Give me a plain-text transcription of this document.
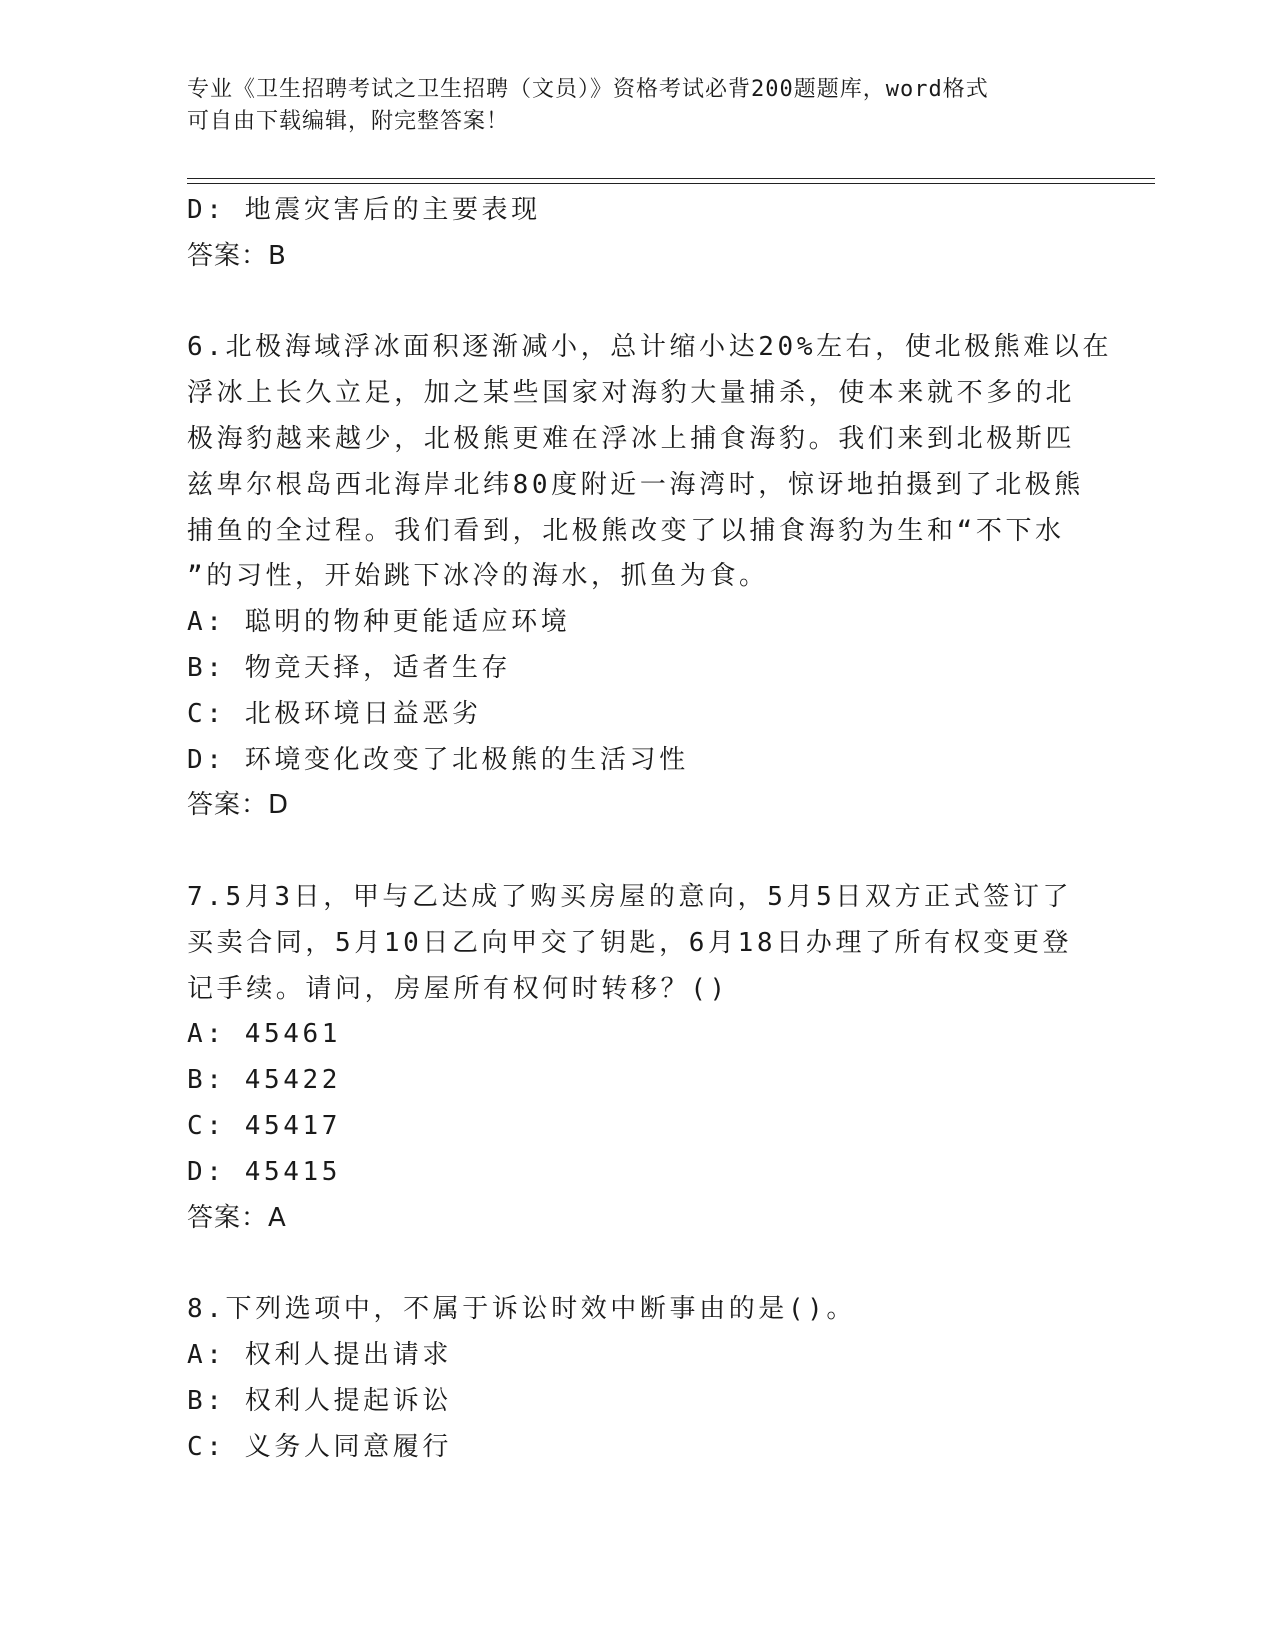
专业《卫生招聘考试之卫生招聘（文员）》资格考试必背200题题库，word格式
可自由下载编辑，附完整答案！
D: 地震灾害后的主要表现
答案：B
6.北极海域浮冰面积逐渐减小，总计缩小达20%左右，使北极熊难以在
浮冰上长久立足，加之某些国家对海豹大量捕杀，使本来就不多的北
极海豹越来越少，北极熊更难在浮冰上捕食海豹。我们来到北极斯匹
兹卑尔根岛西北海岸北纬80度附近一海湾时，惊讶地拍摄到了北极熊
捕鱼的全过程。我们看到，北极熊改变了以捕食海豹为生和“不下水
”的习性，开始跳下冰冷的海水，抓鱼为食。
A: 聪明的物种更能适应环境
B: 物竞天择，适者生存
C: 北极环境日益恶劣
D: 环境变化改变了北极熊的生活习性
答案：D
7.5月3日，甲与乙达成了购买房屋的意向，5月5日双方正式签订了
买卖合同，5月10日乙向甲交了钥匙，6月18日办理了所有权变更登
记手续。请问，房屋所有权何时转移？()
A: 45461
B: 45422
C: 45417
D: 45415
答案：A
8.下列选项中，不属于诉讼时效中断事由的是()。
A: 权利人提出请求
B: 权利人提起诉讼
C: 义务人同意履行
